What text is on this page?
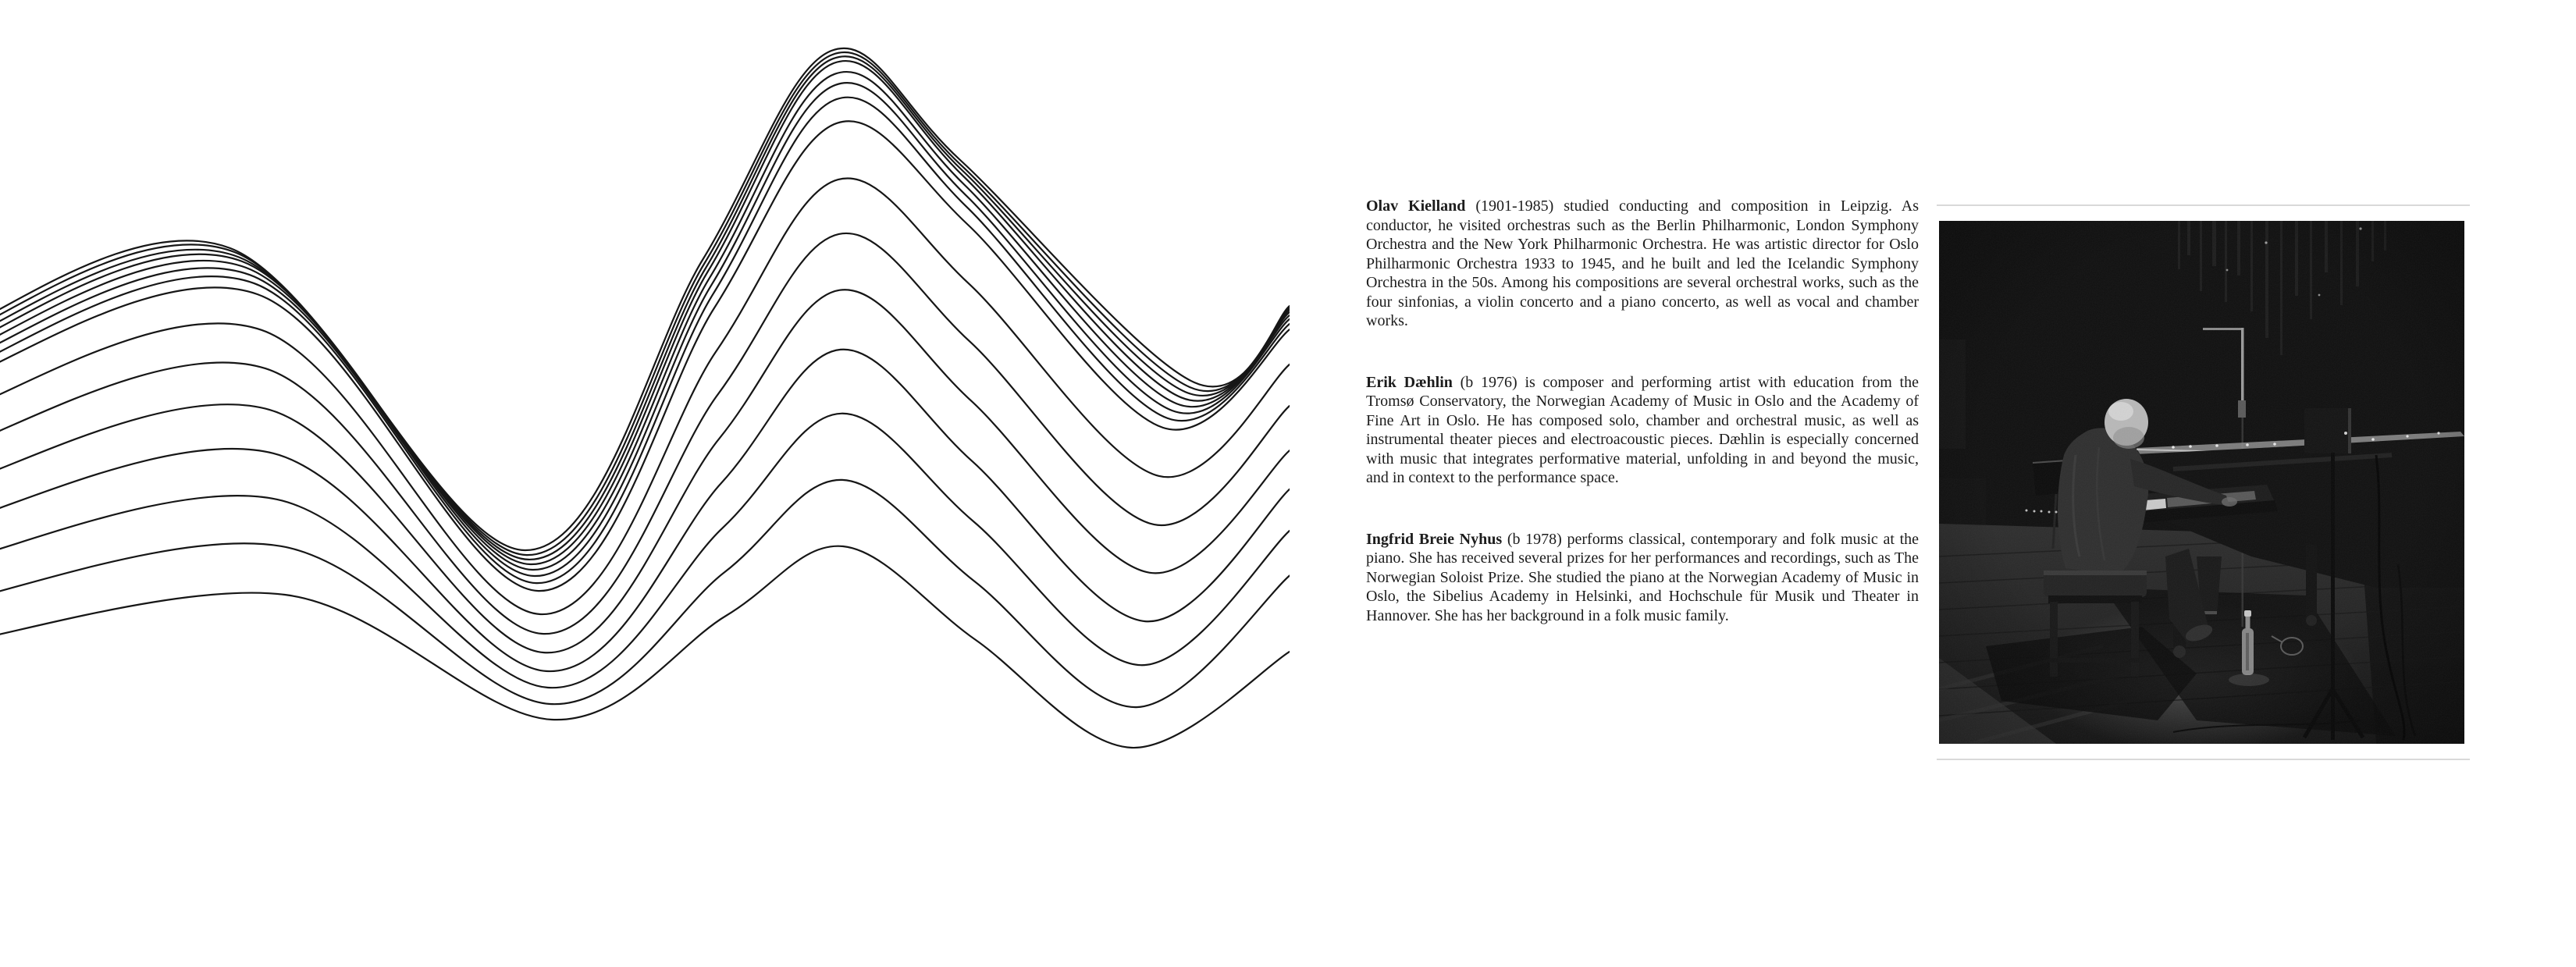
Olav Kielland (1901-1985) studied conducting and composition in Leipzig. As conductor, he visited orchestras such as the Berlin Philharmonic, London Symphony Orchestra and the New York Philharmonic Orchestra. He was artistic director for Oslo Philharmonic Orchestra 1933 to 1945, and he built and led the Icelandic Symphony Orchestra in the 50s. Among his compositions are several orchestral works, such as the four sinfonias, a violin concerto and a piano concerto, as well as vocal and chamber works.

Erik Dæhlin (b 1976) is composer and performing artist with education from the Tromsø Conservatory, the Norwegian Academy of Music in Oslo and the Academy of Fine Art in Oslo. He has composed solo, chamber and orchestral music, as well as instrumental theater pieces and electroacoustic pieces. Dæhlin is especially concerned with music that integrates performative material, unfolding in and beyond the music, and in context to the performance space.

Ingfrid Breie Nyhus (b 1978) performs classical, contemporary and folk music at the piano. She has received several prizes for her performances and recordings, such as The Norwegian Soloist Prize. She studied the piano at the Norwegian Academy of Music in Oslo, the Sibelius Academy in Helsinki, and Hochschule für Musik und Theater in Hannover. She has her background in a folk music family.
